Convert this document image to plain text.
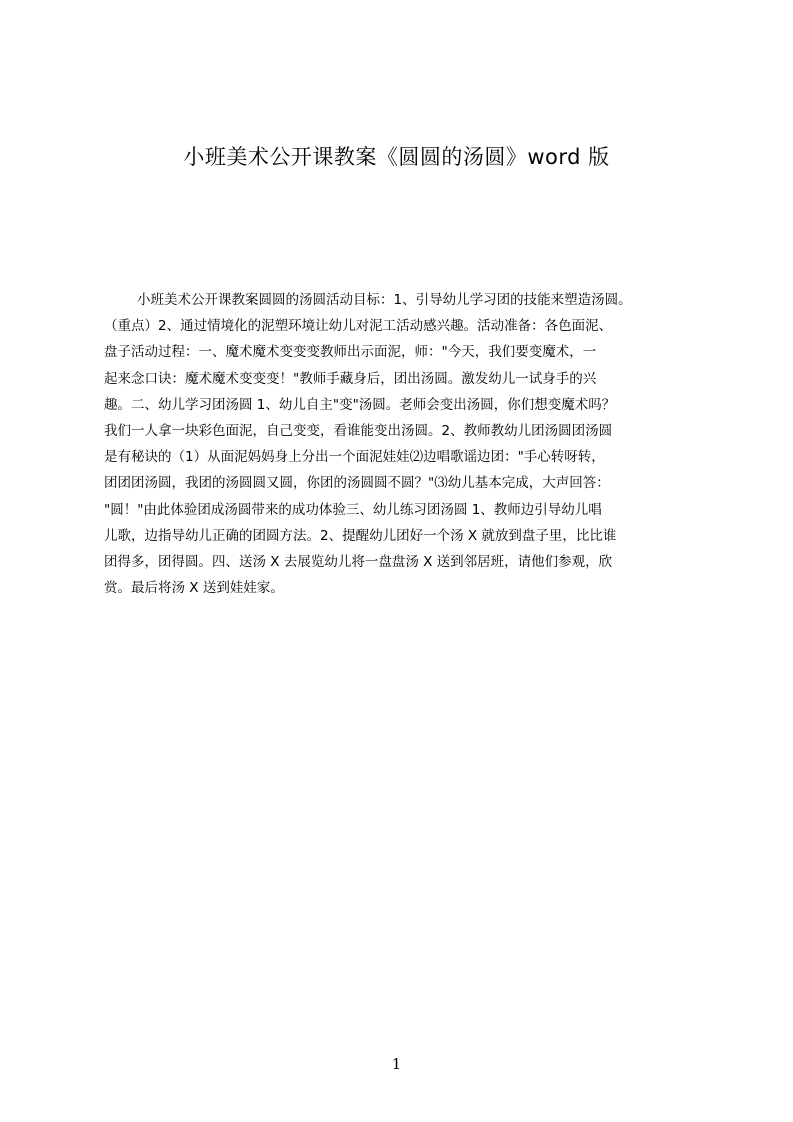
小班美术公开课教案《圆圆的汤圆》word 版
小班美术公开课教案圆圆的汤圆活动目标：1、引导幼儿学习团的技能来塑造汤圆。
（重点）2、通过情境化的泥塑环境让幼儿对泥工活动感兴趣。活动准备：各色面泥、
盘子活动过程：一、魔术魔术变变变教师出示面泥，师："今天，我们要变魔术，一
起来念口诀：魔术魔术变变变！"教师手藏身后，团出汤圆。激发幼儿一试身手的兴
趣。二、幼儿学习团汤圆 1、幼儿自主"变"汤圆。老师会变出汤圆，你们想变魔术吗？
我们一人拿一块彩色面泥，自己变变，看谁能变出汤圆。2、教师教幼儿团汤圆团汤圆
是有秘诀的（1）从面泥妈妈身上分出一个面泥娃娃⑵边唱歌谣边团："手心转呀转，
团团团汤圆，我团的汤圆圆又圆，你团的汤圆圆不圆？"⑶幼儿基本完成，大声回答：
"圆！"由此体验团成汤圆带来的成功体验三、幼儿练习团汤圆 1、教师边引导幼儿唱
儿歌，边指导幼儿正确的团圆方法。2、提醒幼儿团好一个汤 X 就放到盘子里，比比谁
团得多，团得圆。四、送汤 X 去展览幼儿将一盘盘汤 X 送到邻居班，请他们参观，欣
赏。最后将汤 X 送到娃娃家。
1
